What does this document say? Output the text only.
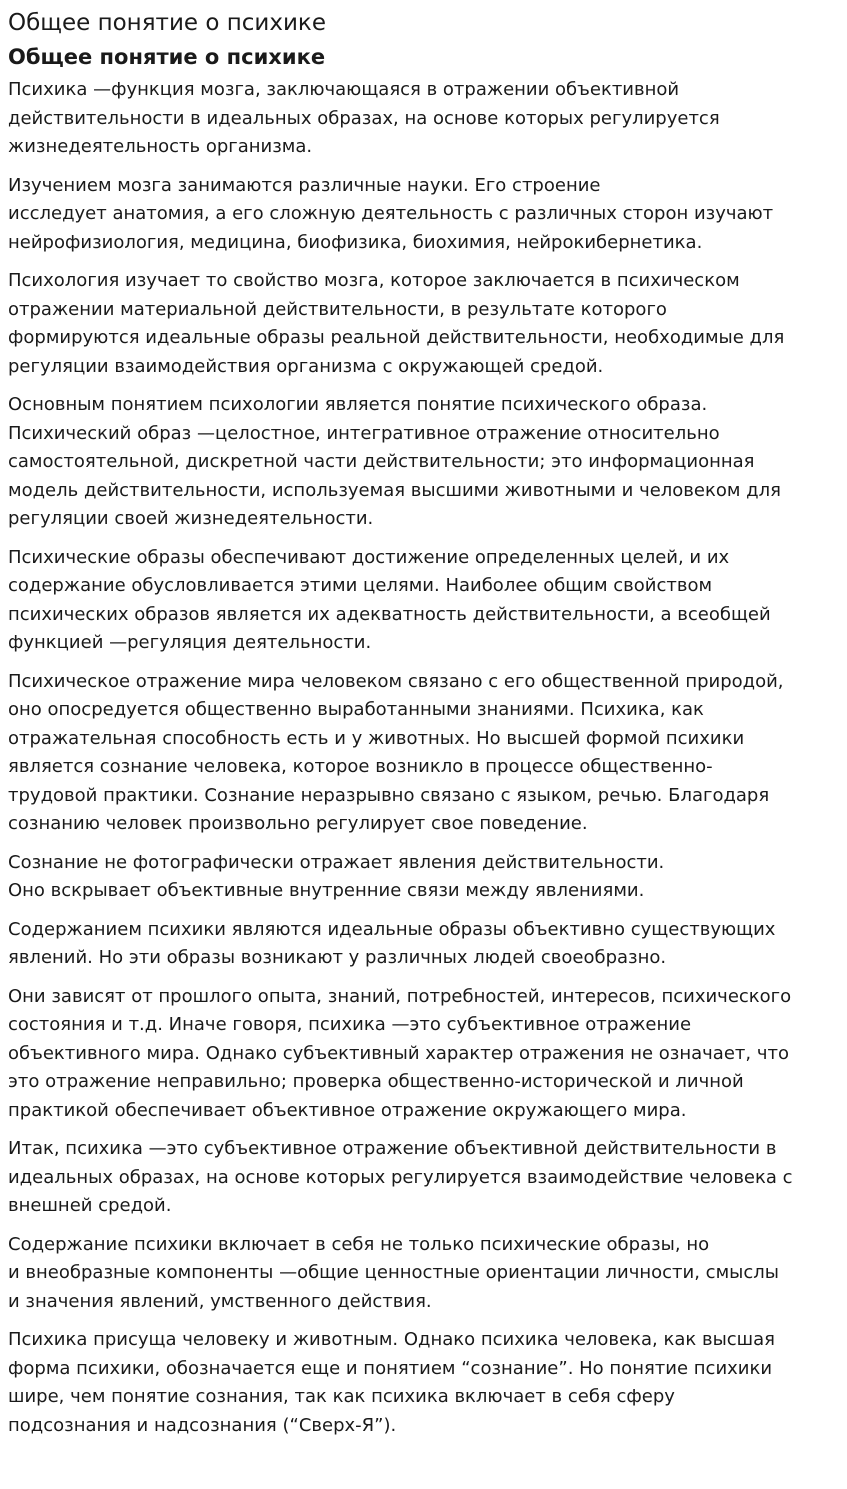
Общее понятие о психике
Общее понятие о психике

Психика —функция мозга, заключающаяся в отражении объективной
действительности в идеальных образах, на основе которых регулируется
жизнедеятельность организма.

Изучением мозга занимаются различные науки. Его строение
исследует анатомия, а его сложную деятельность с различных сторон изучают
нейрофизиология, медицина, биофизика, биохимия, нейрокибернетика.

Психология изучает то свойство мозга, которое заключается в психическом
отражении материальной действительности, в результате которого
формируются идеальные образы реальной действительности, необходимые для
регуляции взаимодействия организма с окружающей средой.

Основным понятием психологии является понятие психического образа.
Психический образ —целостное, интегративное отражение относительно
самостоятельной, дискретной части действительности; это информационная
модель действительности, используемая высшими животными и человеком для
регуляции своей жизнедеятельности.

Психические образы обеспечивают достижение определенных целей, и их
содержание обусловливается этими целями. Наиболее общим свойством
психических образов является их адекватность действительности, а всеобщей
функцией —регуляция деятельности.

Психическое отражение мира человеком связано с его общественной природой,
оно опосредуется общественно выработанными знаниями. Психика, как
отражательная способность есть и у животных. Но высшей формой психики
является сознание человека, которое возникло в процессе общественно-
трудовой практики. Сознание неразрывно связано с языком, речью. Благодаря
сознанию человек произвольно регулирует свое поведение.

Сознание не фотографически отражает явления действительности.
Оно вскрывает объективные внутренние связи между явлениями.

Содержанием психики являются идеальные образы объективно существующих
явлений. Но эти образы возникают у различных людей своеобразно.

Они зависят от прошлого опыта, знаний, потребностей, интересов, психического
состояния и т.д. Иначе говоря, психика —это субъективное отражение
объективного мира. Однако субъективный характер отражения не означает, что
это отражение неправильно; проверка общественно-исторической и личной
практикой обеспечивает объективное отражение окружающего мира.

Итак, психика —это субъективное отражение объективной действительности в
идеальных образах, на основе которых регулируется взаимодействие человека с
внешней средой.

Содержание психики включает в себя не только психические образы, но
и внеобразные компоненты —общие ценностные ориентации личности, смыслы
и значения явлений, умственного действия.

Психика присуща человеку и животным. Однако психика человека, как высшая
форма психики, обозначается еще и понятием “сознание”. Но понятие психики
шире, чем понятие сознания, так как психика включает в себя сферу
подсознания и надсознания (“Сверх-Я”).
